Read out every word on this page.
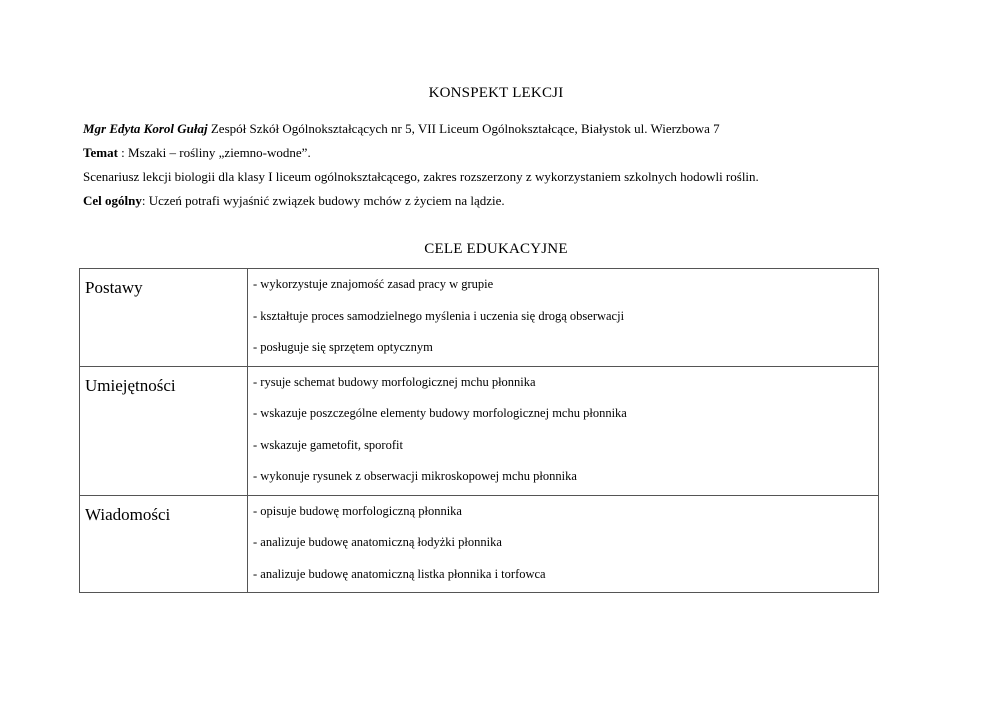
KONSPEKT LEKCJI
Mgr Edyta Korol Gułaj Zespół Szkół Ogólnokształcących nr 5, VII Liceum Ogólnokształcące, Białystok ul. Wierzbowa 7
Temat : Mszaki – rośliny „ziemno-wodne”.
Scenariusz lekcji biologii dla klasy I liceum ogólnokształcącego, zakres rozszerzony z wykorzystaniem szkolnych hodowli roślin.
Cel ogólny: Uczeń potrafi wyjaśnić związek budowy mchów z życiem na lądzie.
CELE EDUKACYJNE
Postawy	- wykorzystuje znajomość zasad pracy w grupie
- kształtuje proces samodzielnego myślenia i uczenia się drogą obserwacji
- posługuje się sprzętem optycznym

Umiejętności	- rysuje schemat budowy morfologicznej mchu płonnika
- wskazuje poszczególne elementy budowy morfologicznej mchu płonnika
- wskazuje gametofit, sporofit
- wykonuje rysunek z obserwacji mikroskopowej mchu płonnika

Wiadomości	- opisuje budowę morfologiczną płonnika
- analizuje budowę anatomiczną łodyżki płonnika
- analizuje budowę anatomiczną listka płonnika i torfowca
